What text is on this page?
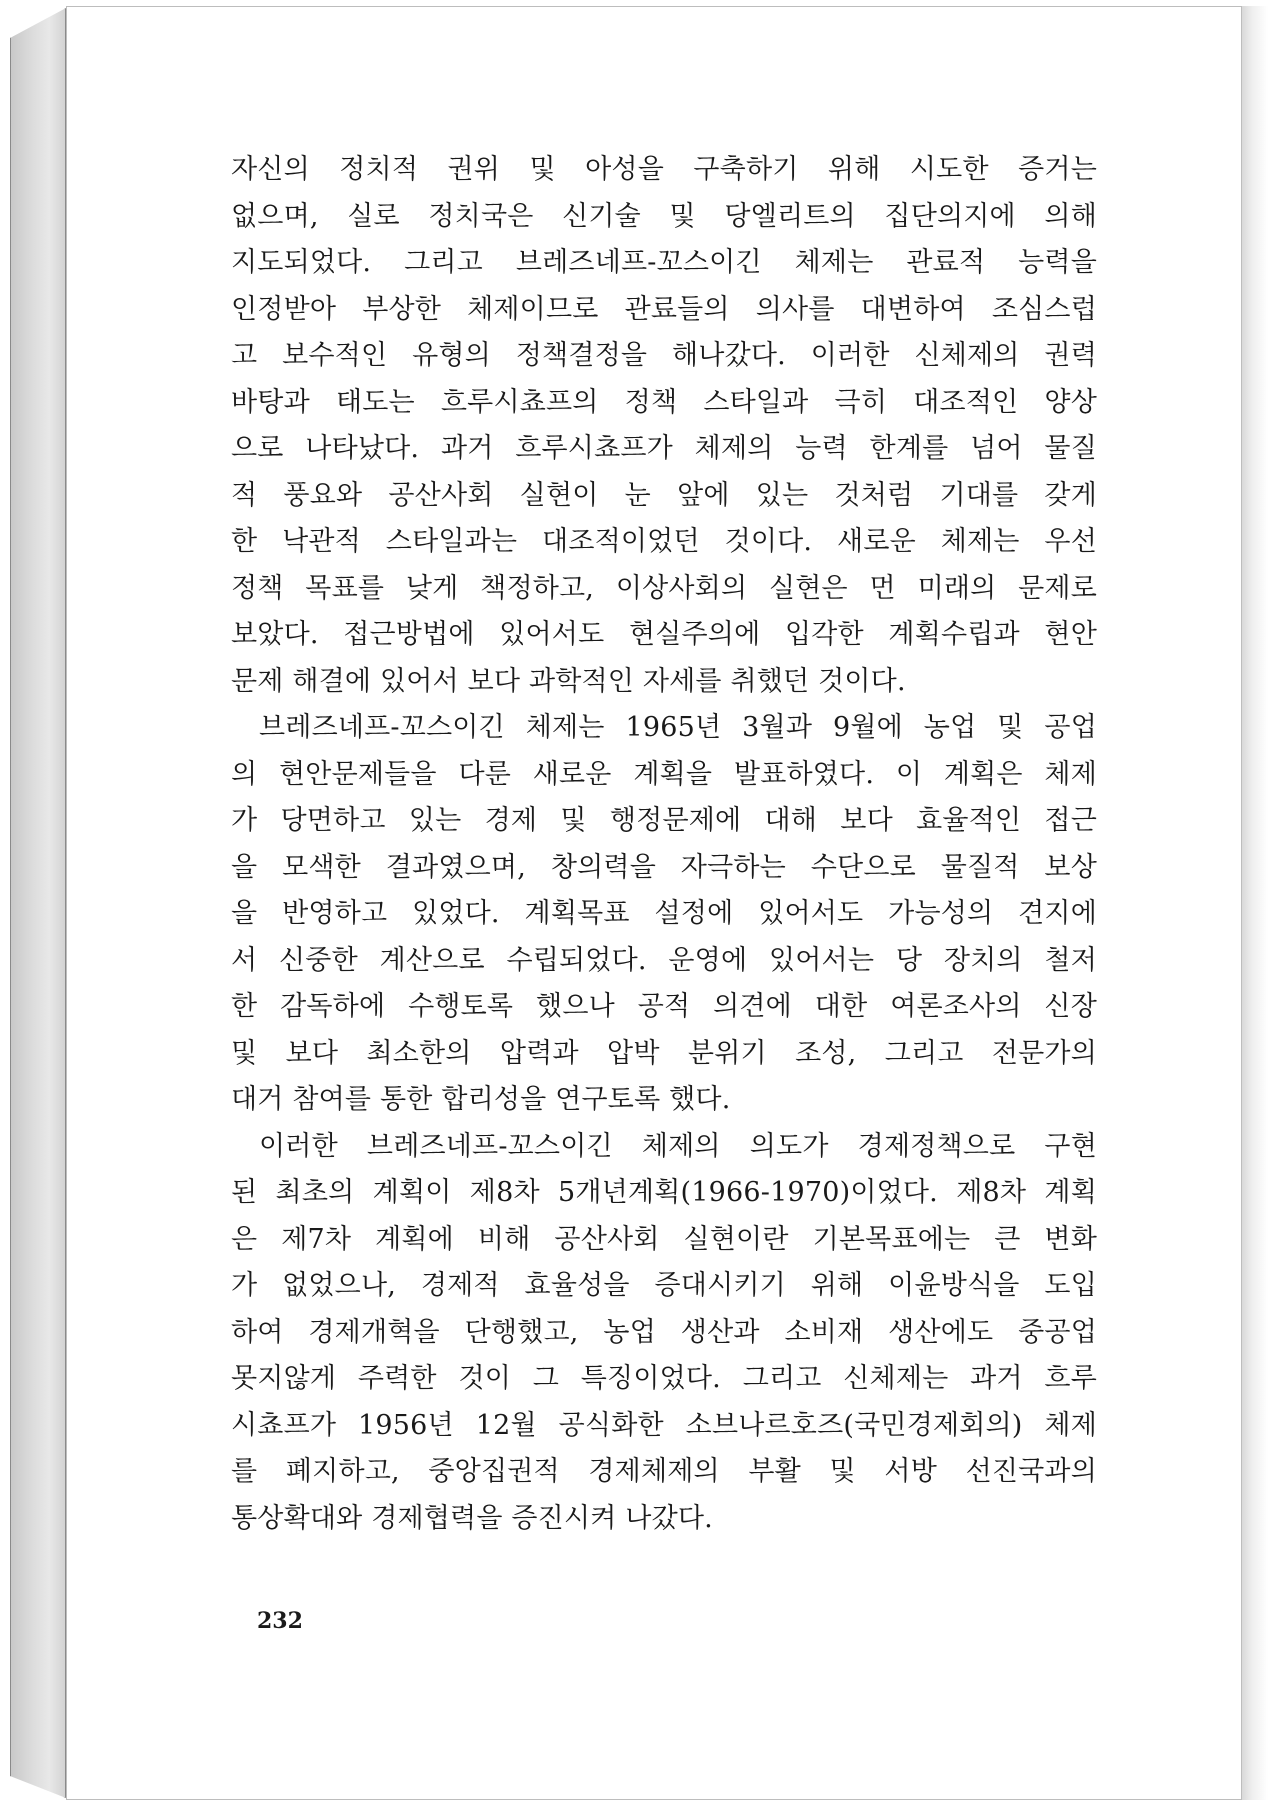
자신의 정치적 권위 및 아성을 구축하기 위해 시도한 증거는
없으며, 실로 정치국은 신기술 및 당엘리트의 집단의지에 의해
지도되었다. 그리고 브레즈네프-꼬스이긴 체제는 관료적 능력을
인정받아 부상한 체제이므로 관료들의 의사를 대변하여 조심스럽
고 보수적인 유형의 정책결정을 해나갔다. 이러한 신체제의 권력
바탕과 태도는 흐루시쵸프의 정책 스타일과 극히 대조적인 양상
으로 나타났다. 과거 흐루시쵸프가 체제의 능력 한계를 넘어 물질
적 풍요와 공산사회 실현이 눈 앞에 있는 것처럼 기대를 갖게
한 낙관적 스타일과는 대조적이었던 것이다. 새로운 체제는 우선
정책 목표를 낮게 책정하고, 이상사회의 실현은 먼 미래의 문제로
보았다. 접근방법에 있어서도 현실주의에 입각한 계획수립과 현안
문제 해결에 있어서 보다 과학적인 자세를 취했던 것이다.
브레즈네프-꼬스이긴 체제는 1965년 3월과 9월에 농업 및 공업
의 현안문제들을 다룬 새로운 계획을 발표하였다. 이 계획은 체제
가 당면하고 있는 경제 및 행정문제에 대해 보다 효율적인 접근
을 모색한 결과였으며, 창의력을 자극하는 수단으로 물질적 보상
을 반영하고 있었다. 계획목표 설정에 있어서도 가능성의 견지에
서 신중한 계산으로 수립되었다. 운영에 있어서는 당 장치의 철저
한 감독하에 수행토록 했으나 공적 의견에 대한 여론조사의 신장
및 보다 최소한의 압력과 압박 분위기 조성, 그리고 전문가의
대거 참여를 통한 합리성을 연구토록 했다.
이러한 브레즈네프-꼬스이긴 체제의 의도가 경제정책으로 구현
된 최초의 계획이 제8차 5개년계획(1966-1970)이었다. 제8차 계획
은 제7차 계획에 비해 공산사회 실현이란 기본목표에는 큰 변화
가 없었으나, 경제적 효율성을 증대시키기 위해 이윤방식을 도입
하여 경제개혁을 단행했고, 농업 생산과 소비재 생산에도 중공업
못지않게 주력한 것이 그 특징이었다. 그리고 신체제는 과거 흐루
시쵸프가 1956년 12월 공식화한 소브나르호즈(국민경제회의) 체제
를 폐지하고, 중앙집권적 경제체제의 부활 및 서방 선진국과의
통상확대와 경제협력을 증진시켜 나갔다.
232
